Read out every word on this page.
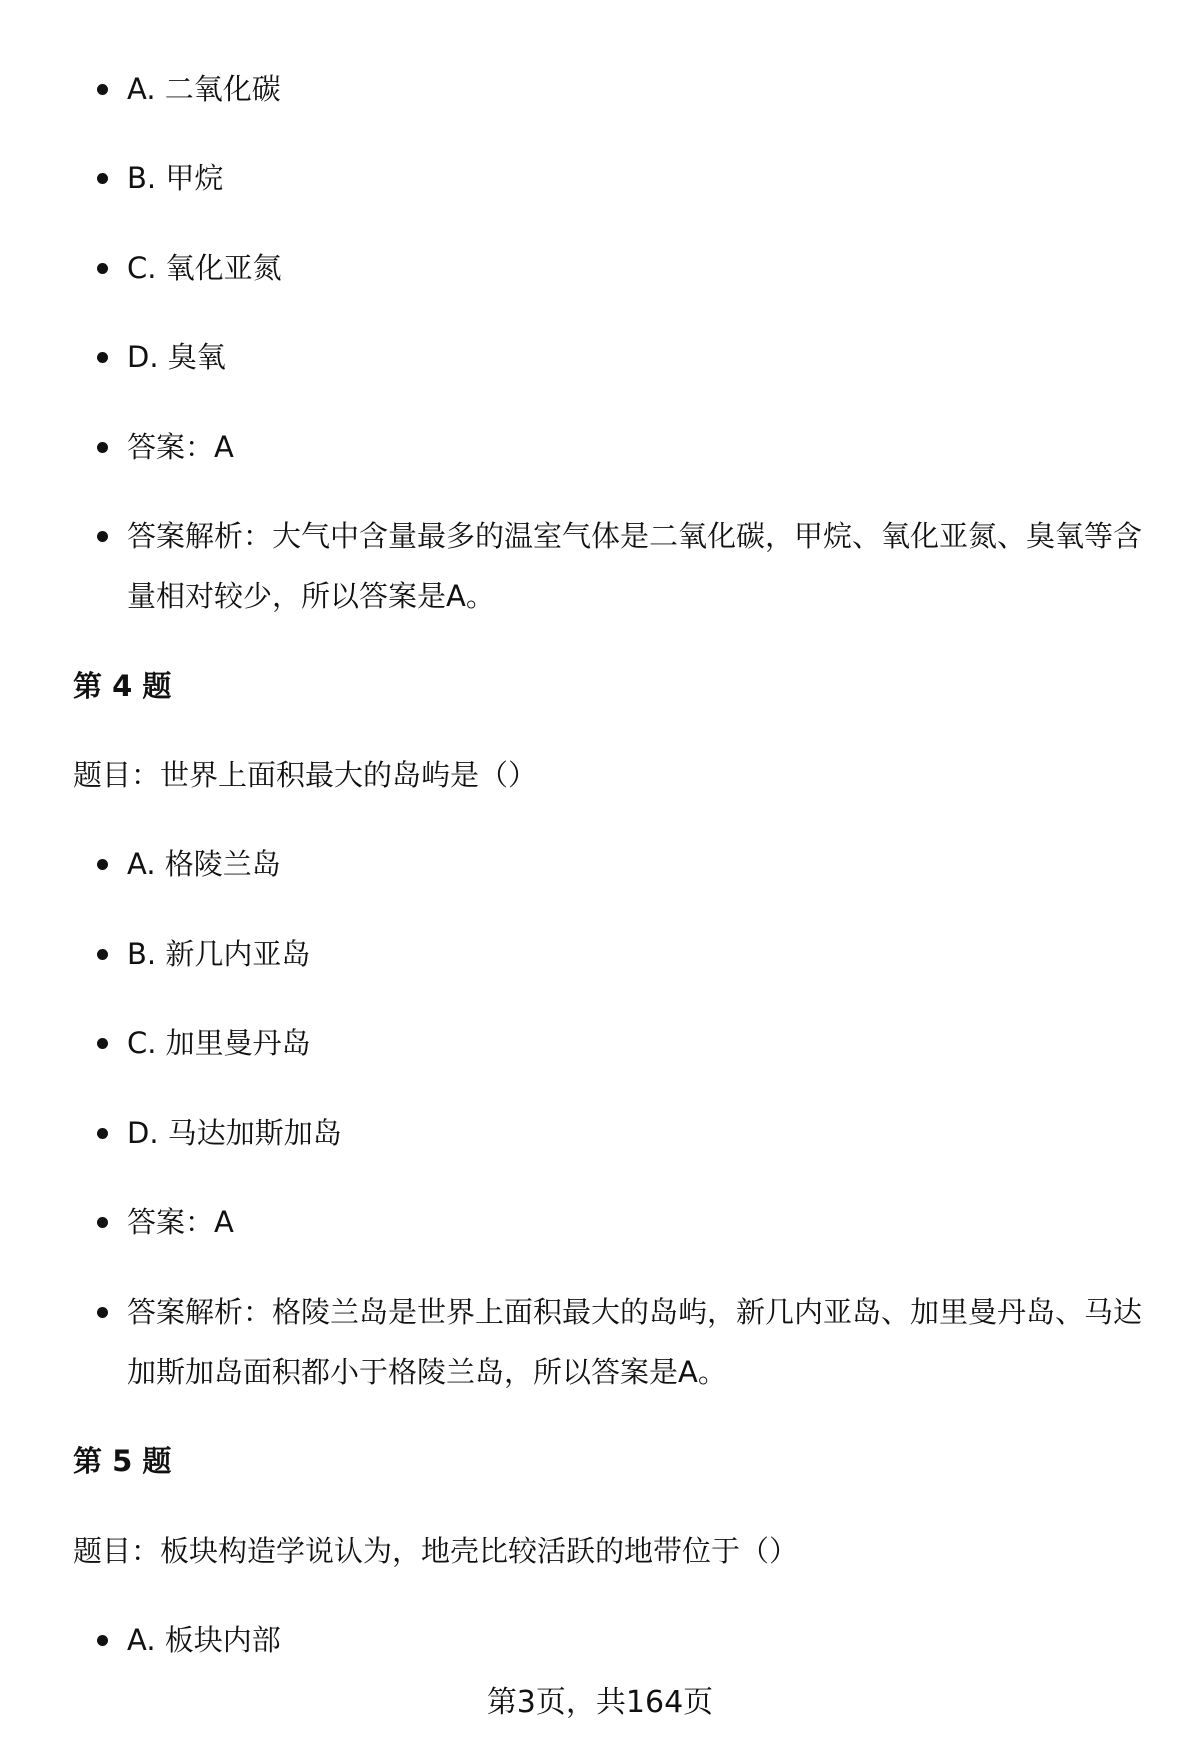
A. 二氧化碳
B. 甲烷
C. 氧化亚氮
D. 臭氧
答案：A
答案解析：大气中含量最多的温室气体是二氧化碳，甲烷、氧化亚氮、臭氧等含量相对较少，所以答案是A。
第 4 题
题目：世界上面积最大的岛屿是（）
A. 格陵兰岛
B. 新几内亚岛
C. 加里曼丹岛
D. 马达加斯加岛
答案：A
答案解析：格陵兰岛是世界上面积最大的岛屿，新几内亚岛、加里曼丹岛、马达加斯加岛面积都小于格陵兰岛，所以答案是A。
第 5 题
题目：板块构造学说认为，地壳比较活跃的地带位于（）
A. 板块内部
第3页，共164页
